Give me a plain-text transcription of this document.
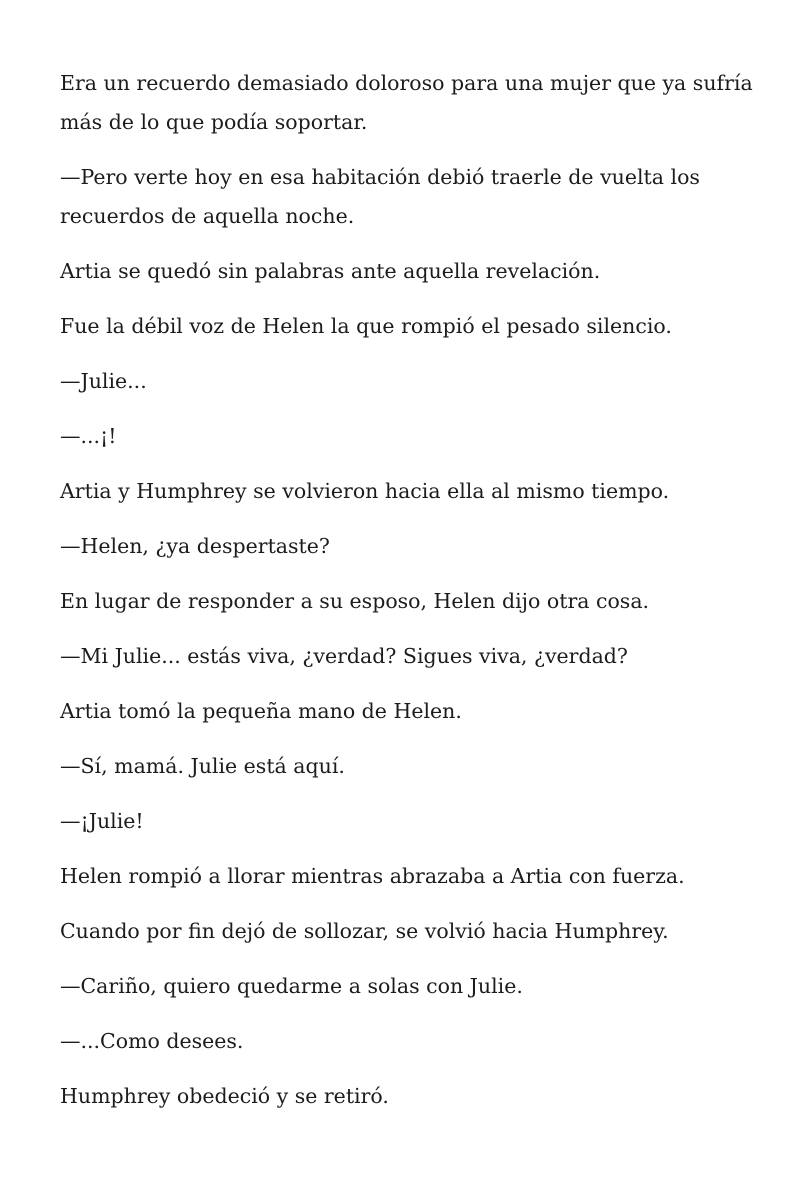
Era un recuerdo demasiado doloroso para una mujer que ya sufría más de lo que podía soportar.

—Pero verte hoy en esa habitación debió traerle de vuelta los recuerdos de aquella noche.

Artia se quedó sin palabras ante aquella revelación.

Fue la débil voz de Helen la que rompió el pesado silencio.

—Julie...

—...¡!

Artia y Humphrey se volvieron hacia ella al mismo tiempo.

—Helen, ¿ya despertaste?

En lugar de responder a su esposo, Helen dijo otra cosa.

—Mi Julie... estás viva, ¿verdad? Sigues viva, ¿verdad?

Artia tomó la pequeña mano de Helen.

—Sí, mamá. Julie está aquí.

—¡Julie!

Helen rompió a llorar mientras abrazaba a Artia con fuerza.

Cuando por fin dejó de sollozar, se volvió hacia Humphrey.

—Cariño, quiero quedarme a solas con Julie.

—...Como desees.

Humphrey obedeció y se retiró.
